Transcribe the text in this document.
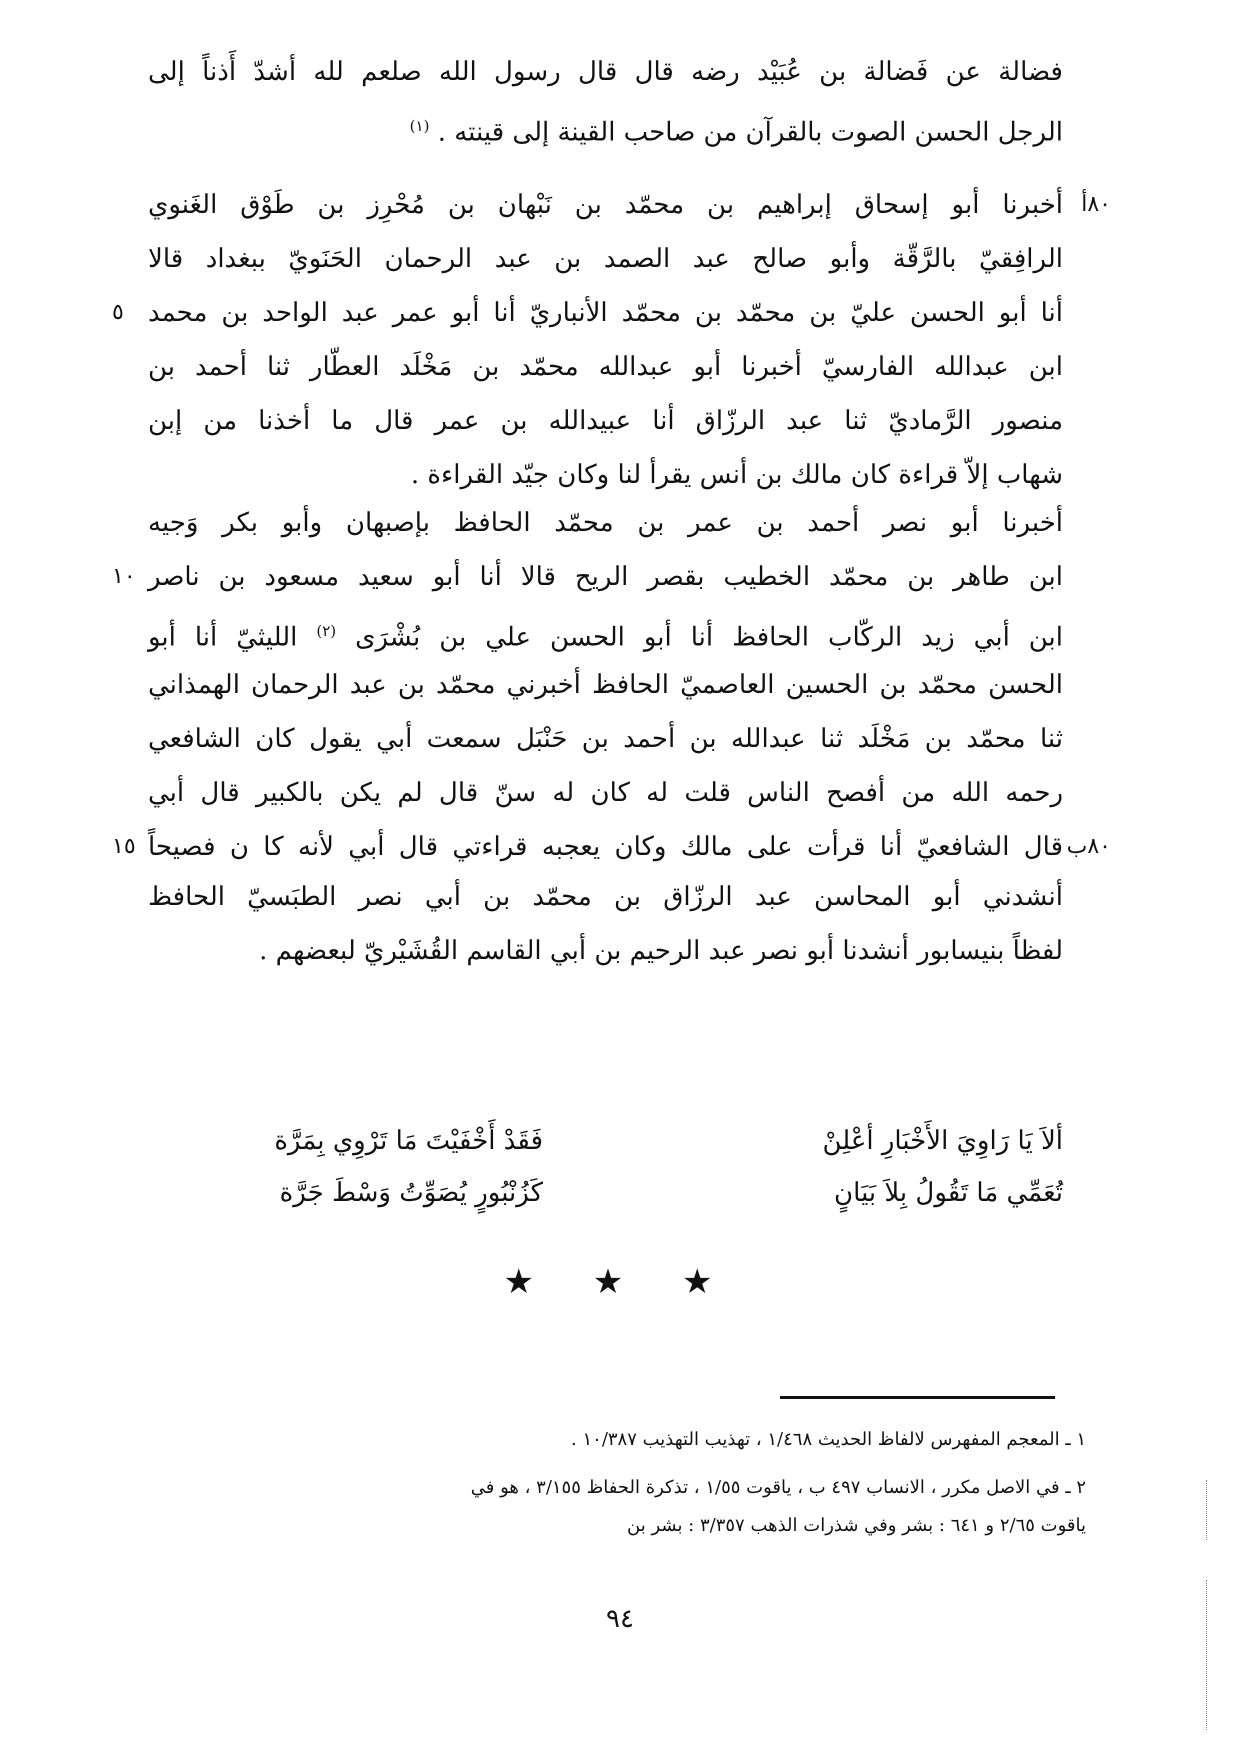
فضالة عن فَضالة بن عُبَيْد رضه قال قال رسول الله صلعم لله أشدّ أَذناً إلى
الرجل الحسن الصوت بالقرآن من صاحب القينة إلى قينته . $^{(١)}$
٨٠أ
أخبرنا أبو إسحاق إبراهيم بن محمّد بن نَبْهان بن مُحْرِز بن طَوْق الغَنوي
الرافِقيّ بالرَّقّة وأبو صالح عبد الصمد بن عبد الرحمان الحَنَويّ ببغداد قالا
٥ أنا أبو الحسن عليّ بن محمّد بن محمّد الأنباريّ أنا أبو عمر عبد الواحد بن محمد
ابن عبدالله الفارسيّ أخبرنا أبو عبدالله محمّد بن مَخْلَد العطّار ثنا أحمد بن
منصور الرَّماديّ ثنا عبد الرزّاق أنا عبيدالله بن عمر قال ما أخذنا من إبن
شهاب إلاّ قراءة كان مالك بن أنس يقرأ لنا وكان جيّد القراءة .
أخبرنا أبو نصر أحمد بن عمر بن محمّد الحافظ بإصبهان وأبو بكر وَجيه
١٠ ابن طاهر بن محمّد الخطيب بقصر الريح قالا أنا أبو سعيد مسعود بن ناصر
ابن أبي زيد الركّاب الحافظ أنا أبو الحسن علي بن بُشْرَى $^{(٢)}$ الليثيّ أنا أبو
الحسن محمّد بن الحسين العاصميّ الحافظ أخبرني محمّد بن عبد الرحمان الهمذاني
ثنا محمّد بن مَخْلَد ثنا عبدالله بن أحمد بن حَنْبَل سمعت أبي يقول كان الشافعي
رحمه الله من أفصح الناس قلت له كان له سنّ قال لم يكن بالكبير قال أبي
٨٠ب
١٥ قال الشافعيّ أنا قرأت على مالك وكان يعجبه قراءتي قال أبي لأنه كا ن فصيحاً
أنشدني أبو المحاسن عبد الرزّاق بن محمّد بن أبي نصر الطبَسيّ الحافظ
لفظاً بنيسابور أنشدنا أبو نصر عبد الرحيم بن أبي القاسم القُشَيْريّ لبعضهم .
ألاَ يَا رَاوِيَ الأَخْبَارِ أعْلِنْ
فَقَدْ أَخْفَيْتَ مَا تَرْوِي بِمَرَّة
تُعَمِّي مَا تَقُولُ بِلاَ بَيَانٍ
كَزُنْبُورٍ يُصَوِّتُ وَسْطَ جَرَّة
★ ★ ★
١ ـ المعجم المفهرس لالفاظ الحديث ١/٤٦٨ ، تهذيب التهذيب ١٠/٣٨٧ .
٢ ـ في الاصل مكرر ، الانساب ٤٩٧ ب ، ياقوت ١/٥٥ ، تذكرة الحفاظ ٣/١٥٥ ، هو في
ياقوت ٢/٦٥ و ٦٤١ : بشر وفي شذرات الذهب ٣/٣٥٧ : بشر بن
٩٤
